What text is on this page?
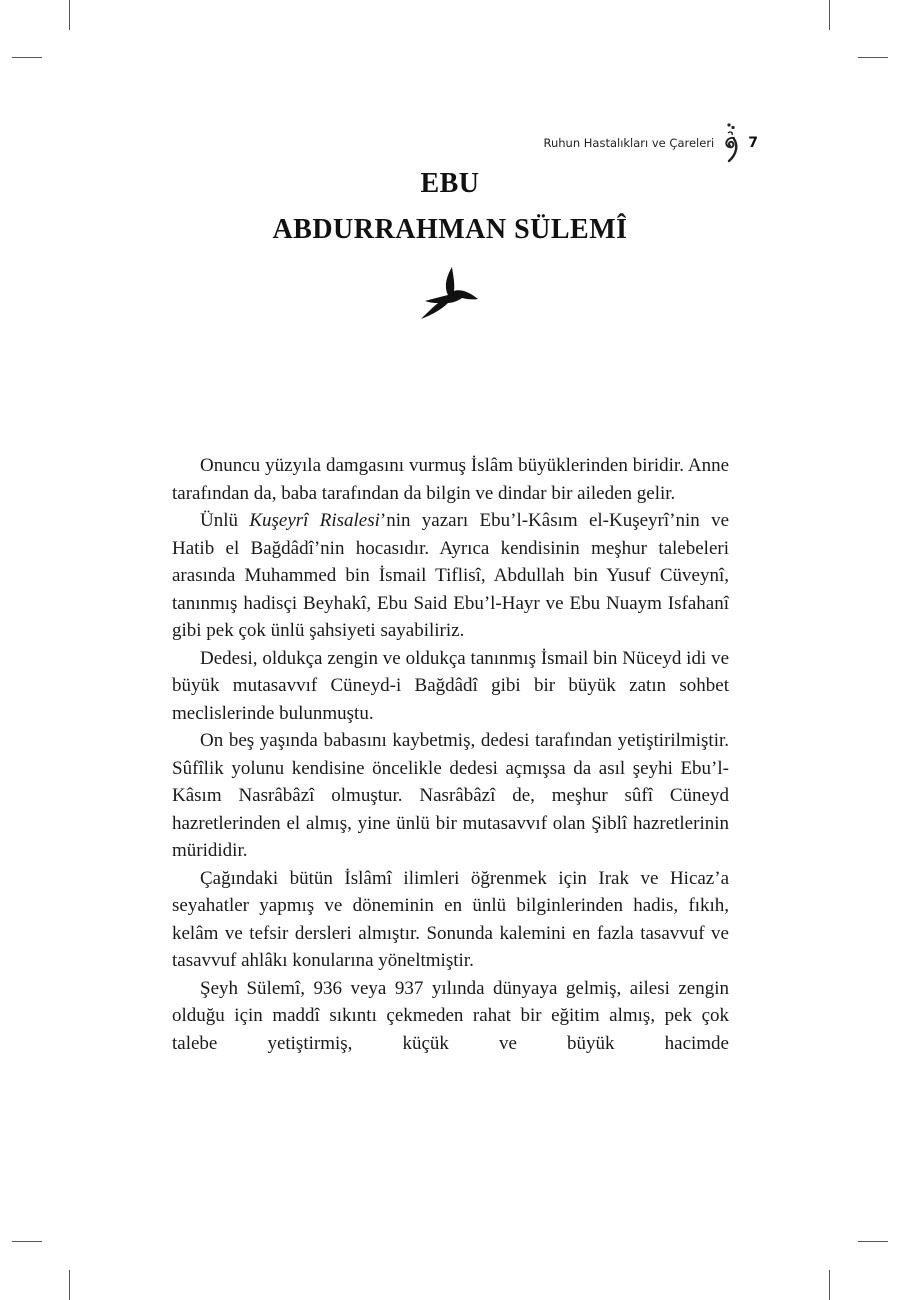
Ruhun Hastalıkları ve Çareleri 7
EBU
ABDURRAHMAN SÜLEMÎ

Onuncu yüzyıla damgasını vurmuş İslâm büyüklerinden biridir. Anne tarafından da, baba tarafından da bilgin ve dindar bir aileden gelir.

Ünlü Kuşeyrî Risalesi’nin yazarı Ebu’l-Kâsım el-Kuşeyrî’nin ve Hatib el Bağdâdî’nin hocasıdır. Ayrıca kendisinin meşhur talebeleri arasında Muhammed bin İsmail Tiflisî, Abdullah bin Yusuf Cüveynî, tanınmış hadisçi Beyhakî, Ebu Said Ebu’l-Hayr ve Ebu Nuaym Isfahanî gibi pek çok ünlü şahsiyeti sayabiliriz.

Dedesi, oldukça zengin ve oldukça tanınmış İsmail bin Nüceyd idi ve büyük mutasavvıf Cüneyd-i Bağdâdî gibi bir büyük zatın sohbet meclislerinde bulunmuştu.

On beş yaşında babasını kaybetmiş, dedesi tarafından yetiştirilmiştir. Sûfîlik yolunu kendisine öncelikle dedesi açmışsa da asıl şeyhi Ebu’l-Kâsım Nasrâbâzî olmuştur. Nasrâbâzî de, meşhur sûfî Cüneyd hazretlerinden el almış, yine ünlü bir mutasavvıf olan Şiblî hazretlerinin mürididir.

Çağındaki bütün İslâmî ilimleri öğrenmek için Irak ve Hicaz’a seyahatler yapmış ve döneminin en ünlü bilginlerinden hadis, fıkıh, kelâm ve tefsir dersleri almıştır. Sonunda kalemini en fazla tasavvuf ve tasavvuf ahlâkı konularına yöneltmiştir.

Şeyh Sülemî, 936 veya 937 yılında dünyaya gelmiş, ailesi zengin olduğu için maddî sıkıntı çekmeden rahat bir eğitim almış, pek çok talebe yetiştirmiş, küçük ve büyük hacimde
